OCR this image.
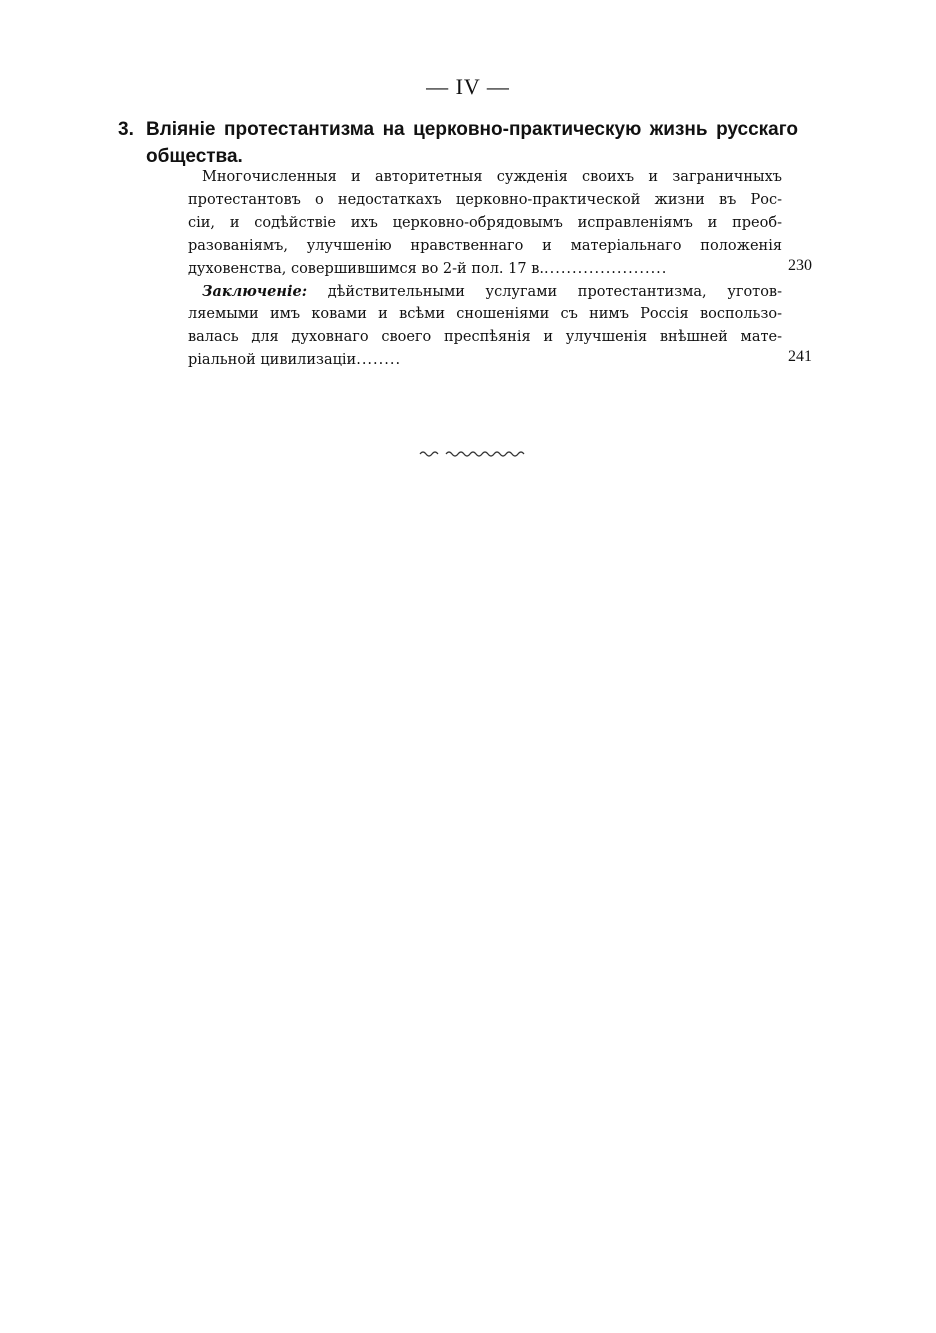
— IV —
3. Вліяніе протестантизма на церковно-практическую жизнь русскаго
общества.
Многочисленныя и авторитетныя сужденія своихъ и заграничныхъ
протестантовъ о недостаткахъ церковно-практической жизни въ Рос-
сіи, и содѣйствіе ихъ церковно-обрядовымъ исправленіямъ и преоб-
разованіямъ, улучшенію нравственнаго и матеріальнаго положенія
духовенства, совершившимся во 2-й пол. 17 в.......................	230
Заключеніе: дѣйствительными услугами протестантизма, уготов-
ляемыми имъ ковами и всѣми сношеніями съ нимъ Россія воспользо-
валась для духовнаго своего преспѣянія и улучшенія внѣшней мате-
ріальной цивилизаціи........	241
